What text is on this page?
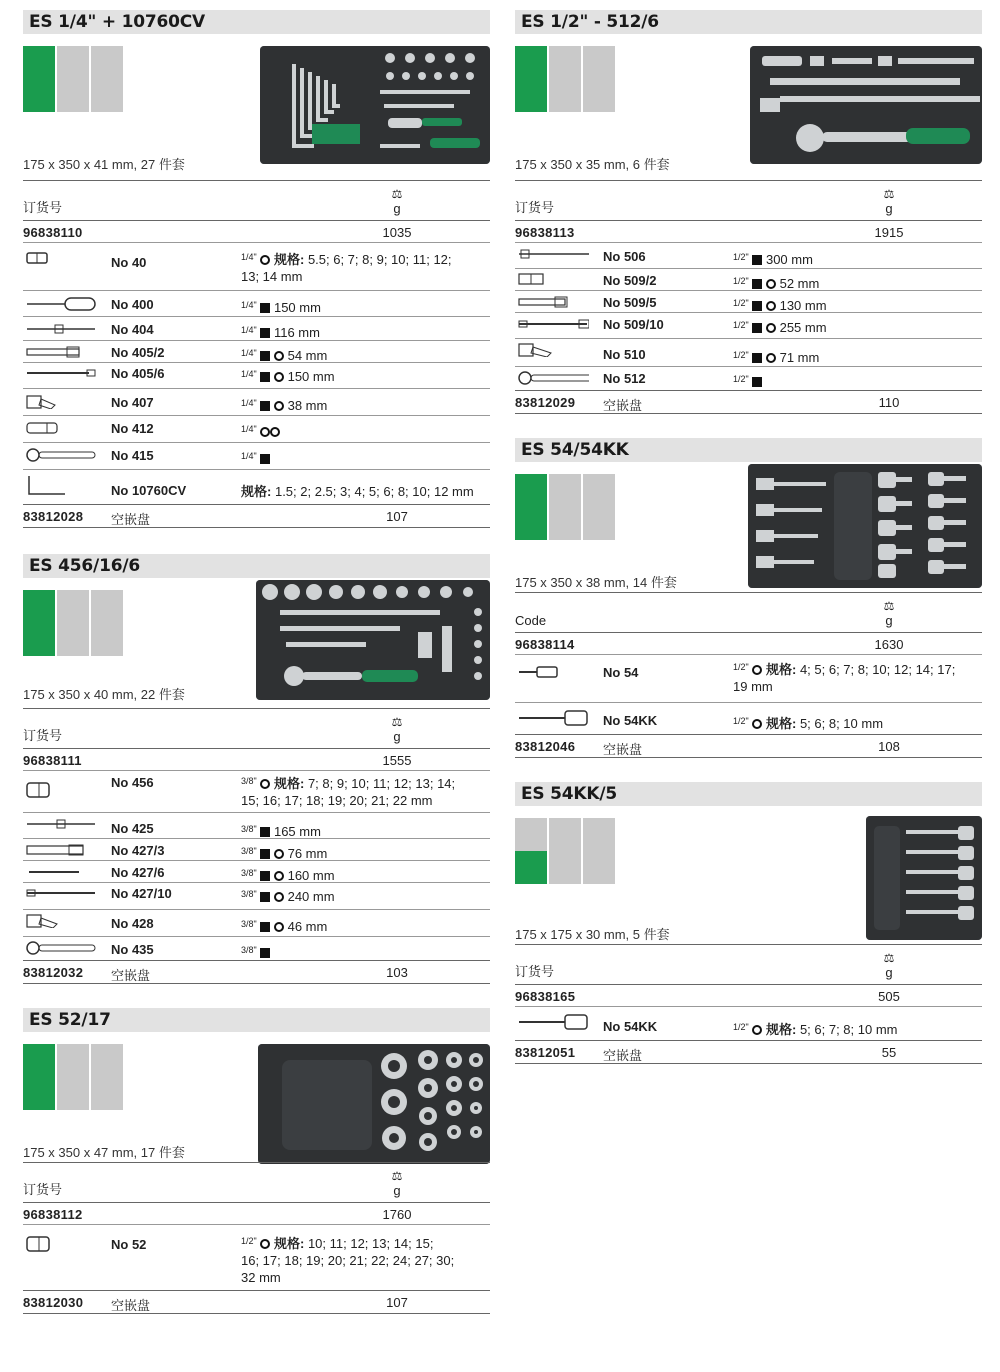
ES 1/4" + 10760CV
175 x 350 x 41 mm, 27 件套
订货号
⚖
g
96838110	1035
No 40	$^{1/4"}$ 规格: 5.5; 6; 7; 8; 9; 10; 11; 12;
13; 14 mm
No 400	$^{1/4"}$ 150 mm
No 404	$^{1/4"}$ 116 mm
No 405/2	$^{1/4"}$ 54 mm
No 405/6	$^{1/4"}$ 150 mm
No 407	$^{1/4"}$ 38 mm
No 412	$^{1/4"}$
No 415	$^{1/4"}$
No 10760CV	规格: 1.5; 2; 2.5; 3; 4; 5; 6; 8; 10; 12 mm
83812028 空嵌盘	107
ES 456/16/6
175 x 350 x 40 mm, 22 件套
订货号
⚖
g
96838111	1555
No 456	$^{3/8"}$ 规格: 7; 8; 9; 10; 11; 12; 13; 14;
15; 16; 17; 18; 19; 20; 21; 22 mm
No 425	$^{3/8"}$ 165 mm
No 427/3	$^{3/8"}$ 76 mm
No 427/6	$^{3/8"}$ 160 mm
No 427/10	$^{3/8"}$ 240 mm
No 428	$^{3/8"}$ 46 mm
No 435	$^{3/8"}$
83812032 空嵌盘	103
ES 52/17
175 x 350 x 47 mm, 17 件套
订货号
⚖
g
96838112	1760
No 52	$^{1/2"}$ 规格: 10; 11; 12; 13; 14; 15;
16; 17; 18; 19; 20; 21; 22; 24; 27; 30;
32 mm
83812030 空嵌盘	107
ES 1/2" - 512/6
175 x 350 x 35 mm, 6 件套
订货号
⚖
g
96838113	1915
No 506	$^{1/2"}$ 300 mm
No 509/2	$^{1/2"}$ 52 mm
No 509/5	$^{1/2"}$ 130 mm
No 509/10	$^{1/2"}$ 255 mm
No 510	$^{1/2"}$ 71 mm
No 512	$^{1/2"}$
83812029 空嵌盘	110
ES 54/54KK
175 x 350 x 38 mm, 14 件套
Code
⚖
g
96838114	1630
No 54	$^{1/2"}$ 规格: 4; 5; 6; 7; 8; 10; 12; 14; 17;
19 mm
No 54KK	$^{1/2"}$ 规格: 5; 6; 8; 10 mm
83812046 空嵌盘	108
ES 54KK/5
175 x 175 x 30 mm, 5 件套
订货号
⚖
g
96838165	505
No 54KK	$^{1/2"}$ 规格: 5; 6; 7; 8; 10 mm
83812051 空嵌盘	55
